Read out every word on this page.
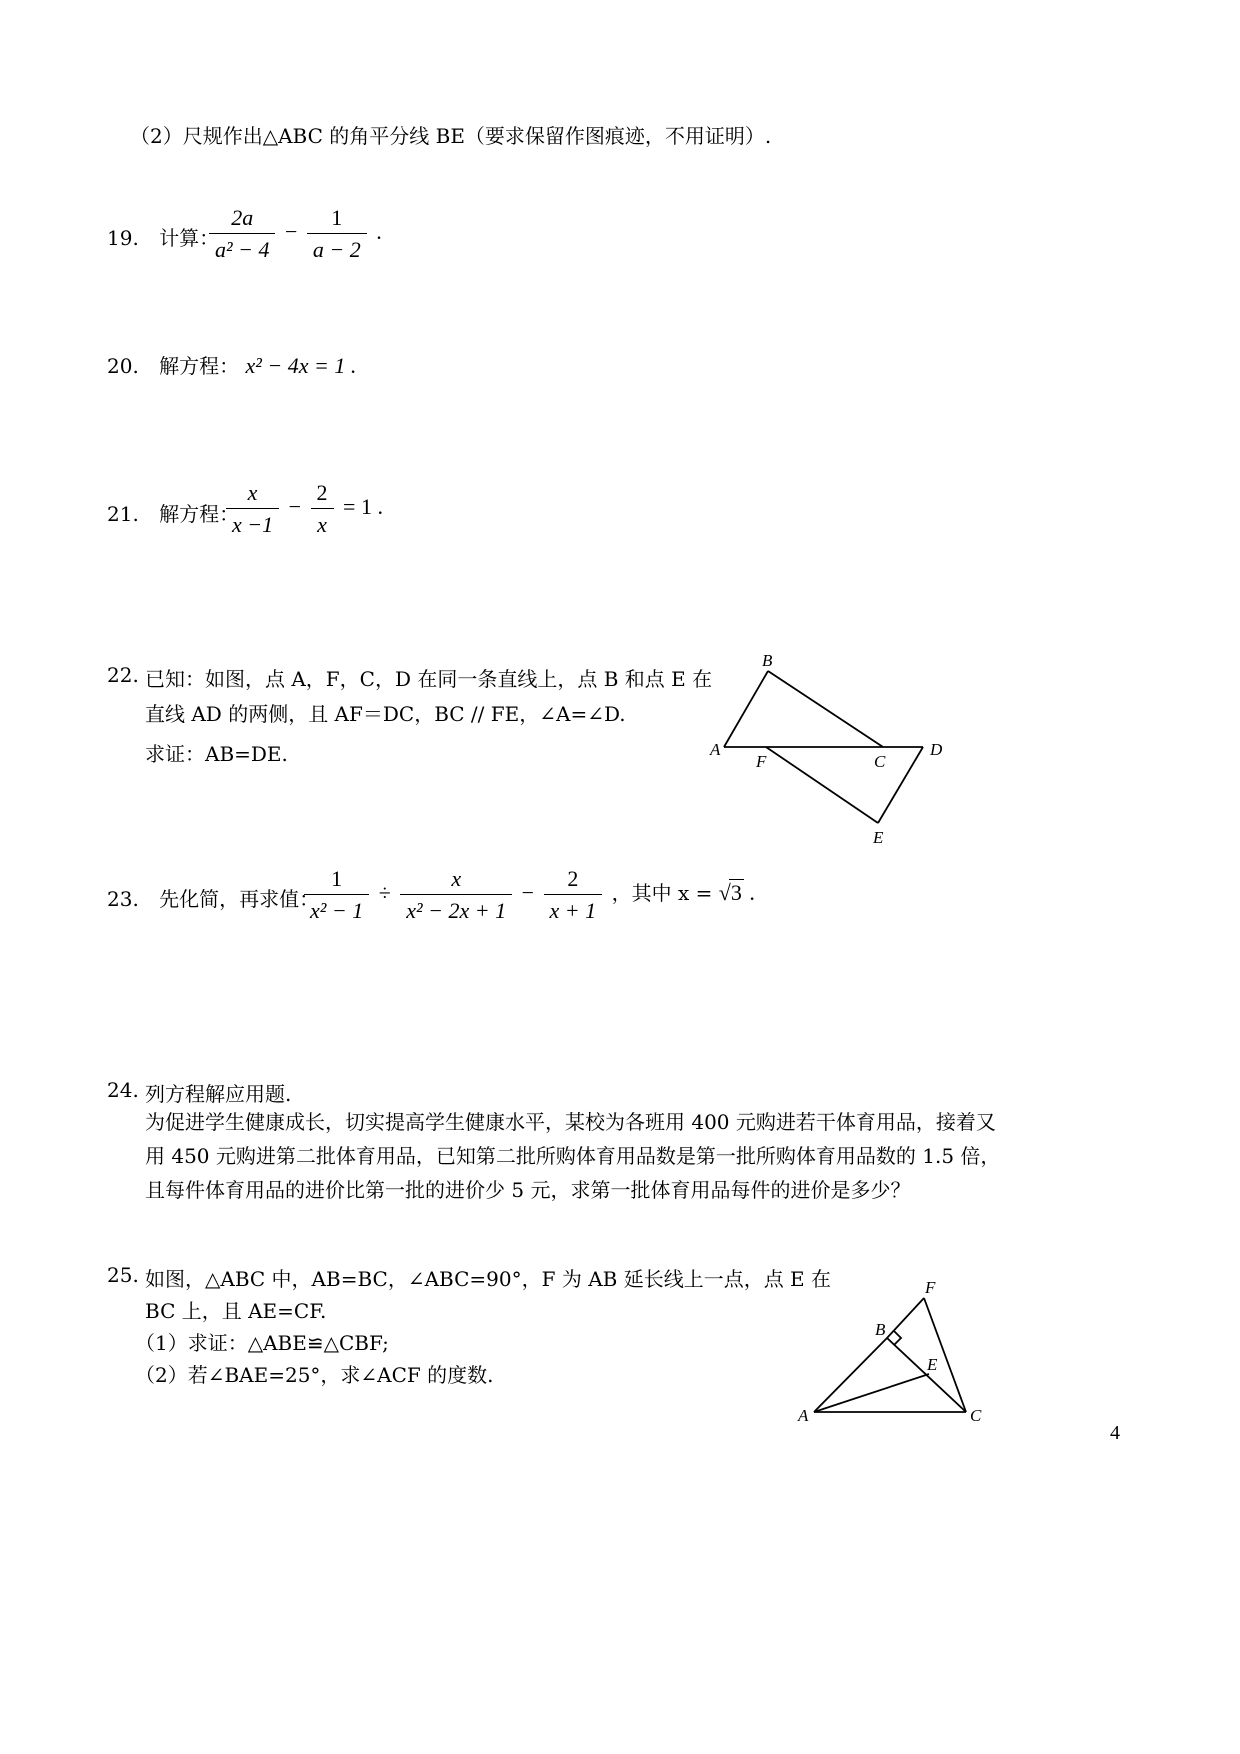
（2）尺规作出△ABC 的角平分线 BE（要求保留作图痕迹，不用证明）.
19. 计算：
$\frac{2a}{\text{a² − 4}} - \frac{1}{a - 2}$ .
20. 解方程： x² − 4x = 1 .
21. 解方程：
$\frac{x}{x -1} - \frac{2}{x} = 1$ .
22. 已知：如图，点 A，F，C，D 在同一条直线上，点 B 和点 E 在
直线 AD 的两侧，且 AF＝DC，BC // FE，∠A=∠D.
求证：AB=DE.
B
A
F	C
D
E
23. 先化简，再求值：
$\frac{1}{\text{x² − 1}} \div \frac{x}{\text{x² − 2x + 1}} - \frac{2}{x + 1}$ ，其中 x = √3 .
24. 列方程解应用题.
为促进学生健康成长，切实提高学生健康水平，某校为各班用 400 元购进若干体育用品，接着又用 450 元购进第二批体育用品，已知第二批所购体育用品数是第一批所购体育用品数的 1.5 倍，且每件体育用品的进价比第一批的进价少 5 元，求第一批体育用品每件的进价是多少？
25. 如图，△ABC 中，AB=BC，∠ABC=90°，F 为 AB 延长线上一点，点 E 在
BC 上，且 AE=CF.
（1）求证：△ABE≌△CBF;
（2）若∠BAE=25°，求∠ACF 的度数.
F
B
E
A	C
4
